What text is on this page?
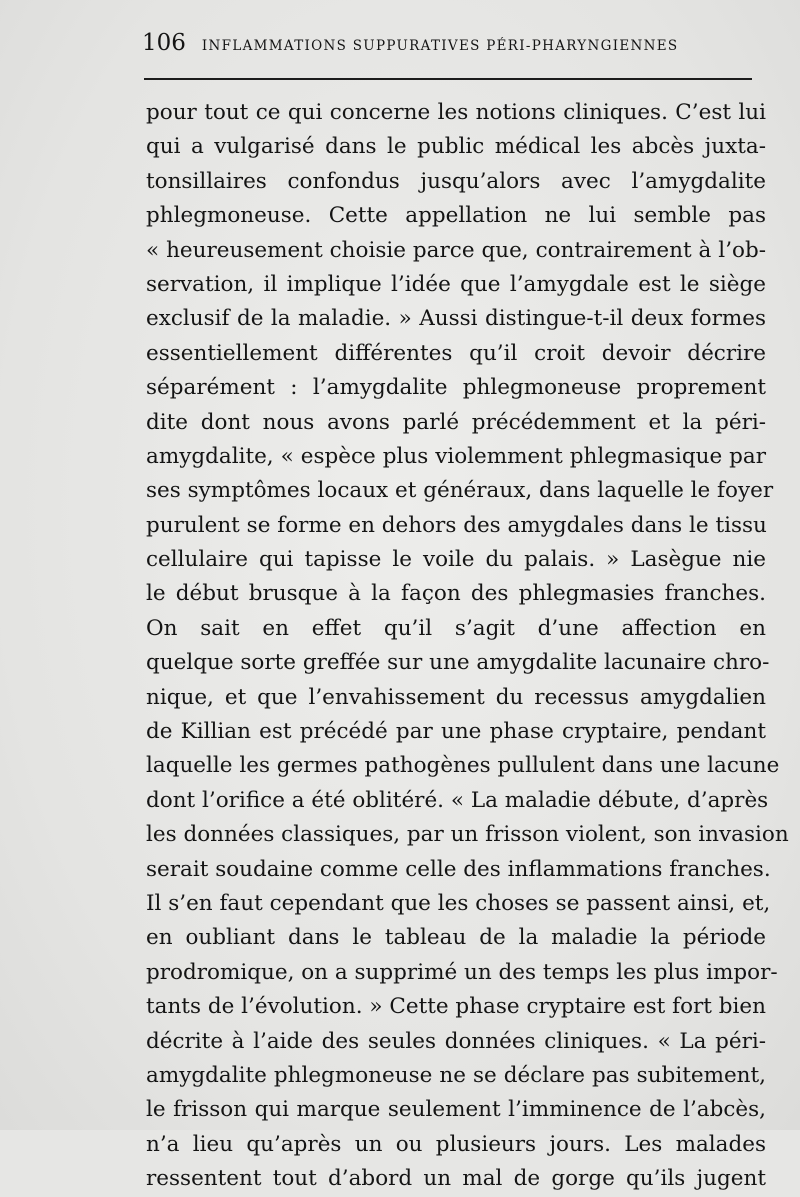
106 INFLAMMATIONS SUPPURATIVES PÉRI-PHARYNGIENNES
pour tout ce qui concerne les notions cliniques. C’est lui
qui a vulgarisé dans le public médical les abcès juxta-
tonsillaires confondus jusqu’alors avec l’amygdalite
phlegmoneuse. Cette appellation ne lui semble pas
« heureusement choisie parce que, contrairement à l’ob-
servation, il implique l’idée que l’amygdale est le siège
exclusif de la maladie. » Aussi distingue-t-il deux formes
essentiellement différentes qu’il croit devoir décrire
séparément : l’amygdalite phlegmoneuse proprement
dite dont nous avons parlé précédemment et la péri-
amygdalite, « espèce plus violemment phlegmasique par
ses symptômes locaux et généraux, dans laquelle le foyer
purulent se forme en dehors des amygdales dans le tissu
cellulaire qui tapisse le voile du palais. » Lasègue nie
le début brusque à la façon des phlegmasies franches.
On sait en effet qu’il s’agit d’une affection en
quelque sorte greffée sur une amygdalite lacunaire chro-
nique, et que l’envahissement du recessus amygdalien
de Killian est précédé par une phase cryptaire, pendant
laquelle les germes pathogènes pullulent dans une lacune
dont l’orifice a été oblitéré. « La maladie débute, d’après
les données classiques, par un frisson violent, son invasion
serait soudaine comme celle des inflammations franches.
Il s’en faut cependant que les choses se passent ainsi, et,
en oubliant dans le tableau de la maladie la période
prodromique, on a supprimé un des temps les plus impor-
tants de l’évolution. » Cette phase cryptaire est fort bien
décrite à l’aide des seules données cliniques. « La péri-
amygdalite phlegmoneuse ne se déclare pas subitement,
le frisson qui marque seulement l’imminence de l’abcès,
n’a lieu qu’après un ou plusieurs jours. Les malades
ressentent tout d’abord un mal de gorge qu’ils jugent
